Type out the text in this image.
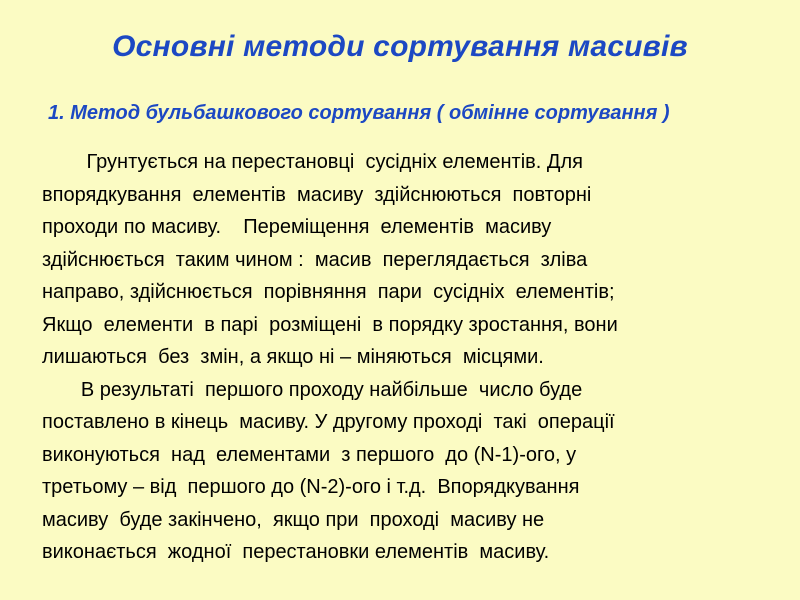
Основні методи сортування масивів
1. Метод бульбашкового сортування ( обмінне сортування )
Грунтується на перестановці  сусідніх елементів. Для
впорядкування  елементів  масиву  здійснюються  повторні
проходи по масиву.    Переміщення  елементів  масиву
здійснюється  таким чином :  масив  переглядається  зліва
направо, здійснюється  порівняння  пари  сусідніх  елементів;
Якщо  елементи  в парі  розміщені  в порядку зростання, вони
лишаються  без  змін, а якщо ні – міняються  місцями.
В результаті  першого проходу найбільше  число буде
поставлено в кінець  масиву. У другому проході  такі  операції
виконуються  над  елементами  з першого  до (N-1)-ого, у
третьому – від  першого до (N-2)-ого і т.д.  Впорядкування
масиву  буде закінчено,  якщо при  проході  масиву не
виконається  жодної  перестановки елементів  масиву.
